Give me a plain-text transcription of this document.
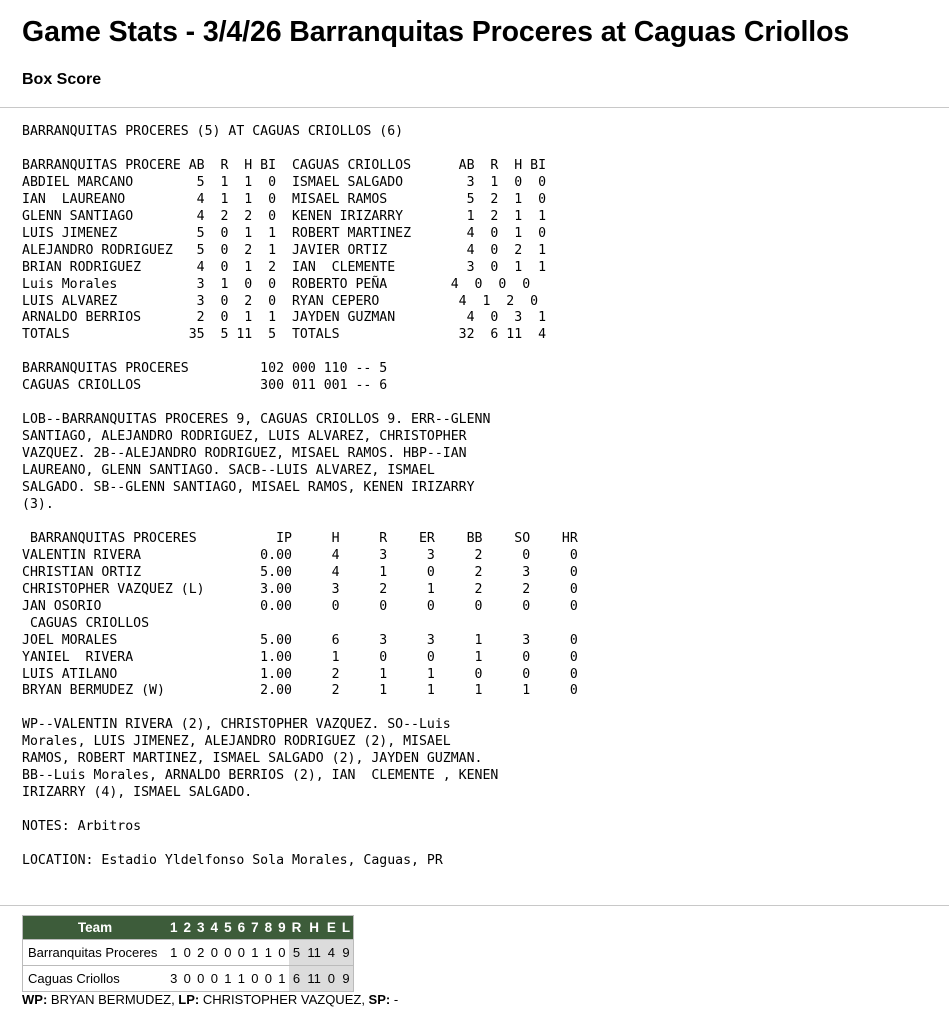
Game Stats - 3/4/26 Barranquitas Proceres at Caguas Criollos
Box Score
BARRANQUITAS PROCERES (5) AT CAGUAS CRIOLLOS (6)

BARRANQUITAS PROCERE AB  R  H BI  CAGUAS CRIOLLOS      AB  R  H BI
ABDIEL MARCANO        5  1  1  0  ISMAEL SALGADO        3  1  0  0
IAN  LAUREANO         4  1  1  0  MISAEL RAMOS          5  2  1  0
GLENN SANTIAGO        4  2  2  0  KENEN IRIZARRY        1  2  1  1
LUIS JIMENEZ          5  0  1  1  ROBERT MARTINEZ       4  0  1  0
ALEJANDRO RODRIGUEZ   5  0  2  1  JAVIER ORTIZ          4  0  2  1
BRIAN RODRIGUEZ       4  0  1  2  IAN  CLEMENTE         3  0  1  1
Luis Morales          3  1  0  0  ROBERTO PEÑA        4  0  0  0
LUIS ALVAREZ          3  0  2  0  RYAN CEPERO          4  1  2  0
ARNALDO BERRIOS       2  0  1  1  JAYDEN GUZMAN         4  0  3  1
TOTALS               35  5 11  5  TOTALS               32  6 11  4

BARRANQUITAS PROCERES         102 000 110 -- 5
CAGUAS CRIOLLOS               300 011 001 -- 6

LOB--BARRANQUITAS PROCERES 9, CAGUAS CRIOLLOS 9. ERR--GLENN
SANTIAGO, ALEJANDRO RODRIGUEZ, LUIS ALVAREZ, CHRISTOPHER
VAZQUEZ. 2B--ALEJANDRO RODRIGUEZ, MISAEL RAMOS. HBP--IAN
LAUREANO, GLENN SANTIAGO. SACB--LUIS ALVAREZ, ISMAEL
SALGADO. SB--GLENN SANTIAGO, MISAEL RAMOS, KENEN IRIZARRY
(3).

BARRANQUITAS PROCERES          IP     H     R    ER    BB    SO    HR
VALENTIN RIVERA               0.00     4     3     3     2     0     0
CHRISTIAN ORTIZ               5.00     4     1     0     2     3     0
CHRISTOPHER VAZQUEZ (L)       3.00     3     2     1     2     2     0
JAN OSORIO                    0.00     0     0     0     0     0     0
CAGUAS CRIOLLOS
JOEL MORALES                  5.00     6     3     3     1     3     0
YANIEL  RIVERA                1.00     1     0     0     1     0     0
LUIS ATILANO                  1.00     2     1     1     0     0     0
BRYAN BERMUDEZ (W)            2.00     2     1     1     1     1     0

WP--VALENTIN RIVERA (2), CHRISTOPHER VAZQUEZ. SO--Luis
Morales, LUIS JIMENEZ, ALEJANDRO RODRIGUEZ (2), MISAEL
RAMOS, ROBERT MARTINEZ, ISMAEL SALGADO (2), JAYDEN GUZMAN.
BB--Luis Morales, ARNALDO BERRIOS (2), IAN  CLEMENTE , KENEN
IRIZARRY (4), ISMAEL SALGADO.

NOTES: Arbitros

LOCATION: Estadio Yldelfonso Sola Morales, Caguas, PR
Team	1	2	3	4	5	6	7	8	9	R	H	E	L
Barranquitas Proceres	1	0	2	0	0	0	1	1	0	5	11	4	9
Caguas Criollos	3	0	0	0	1	1	0	0	1	6	11	0	9

WP: BRYAN BERMUDEZ, LP: CHRISTOPHER VAZQUEZ, SP: -
